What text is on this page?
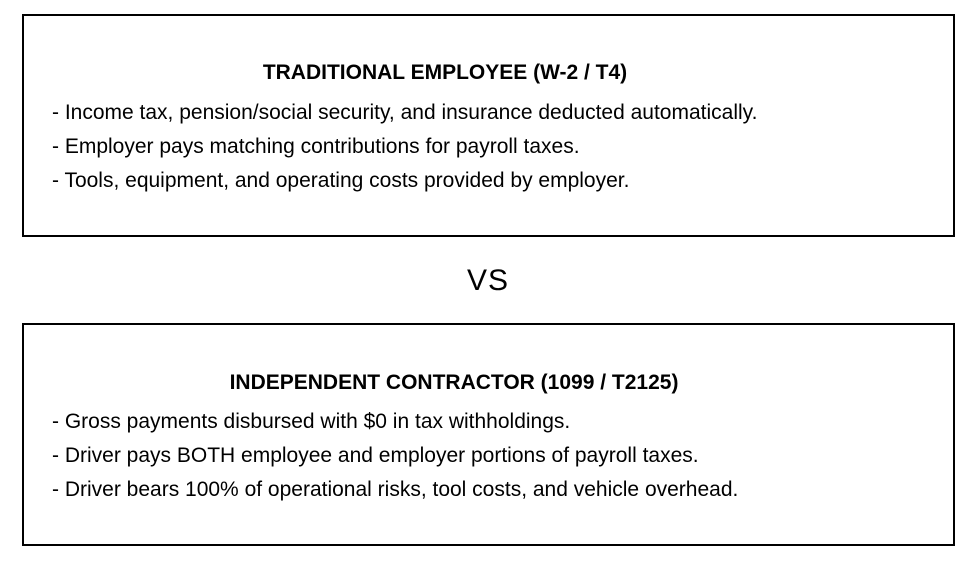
TRADITIONAL EMPLOYEE (W-2 / T4)
- Income tax, pension/social security, and insurance deducted automatically.
- Employer pays matching contributions for payroll taxes.
- Tools, equipment, and operating costs provided by employer.
VS
INDEPENDENT CONTRACTOR (1099 / T2125)
- Gross payments disbursed with $0 in tax withholdings.
- Driver pays BOTH employee and employer portions of payroll taxes.
- Driver bears 100% of operational risks, tool costs, and vehicle overhead.
